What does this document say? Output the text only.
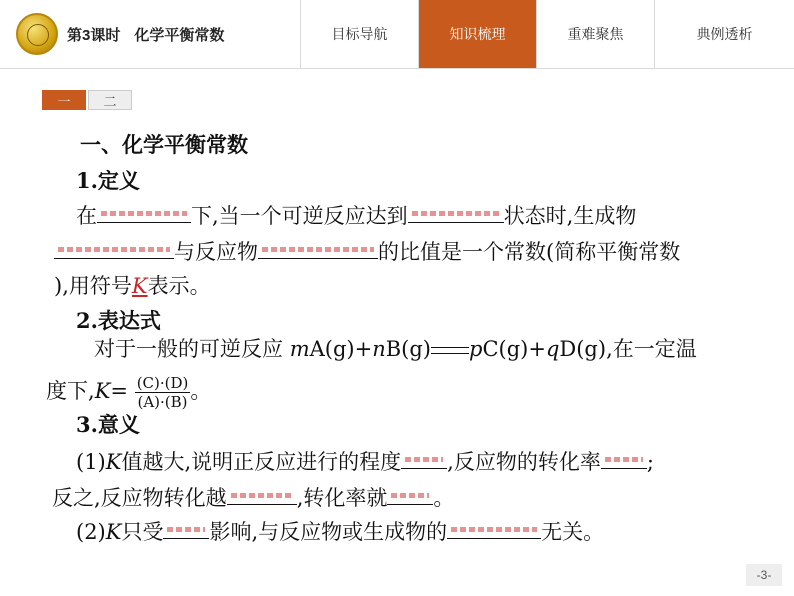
第3课时 化学平衡常数	目标导航	知识梳理	重难聚焦	典例透析
一	二
一、化学平衡常数
1.定义
在	下,当一个可逆反应达到	状态时,生成物
与反应物	的比值是一个常数(简称平衡常数
),用符号K表示。
2.表达式
对于一般的可逆反应 mA(g)+nB(g) pC(g)+qD(g),在一定温
度下$,K= \frac{(C)\cdot(D)}{(A)\cdot(B)}$ 。
3.意义
(1)K值越大,说明正反应进行的程度 ,反应物的转化率 ;
反之,反应物转化越	,转化率就 。
(2)K只受 影响,与反应物或生成物的	无关。
-3-
